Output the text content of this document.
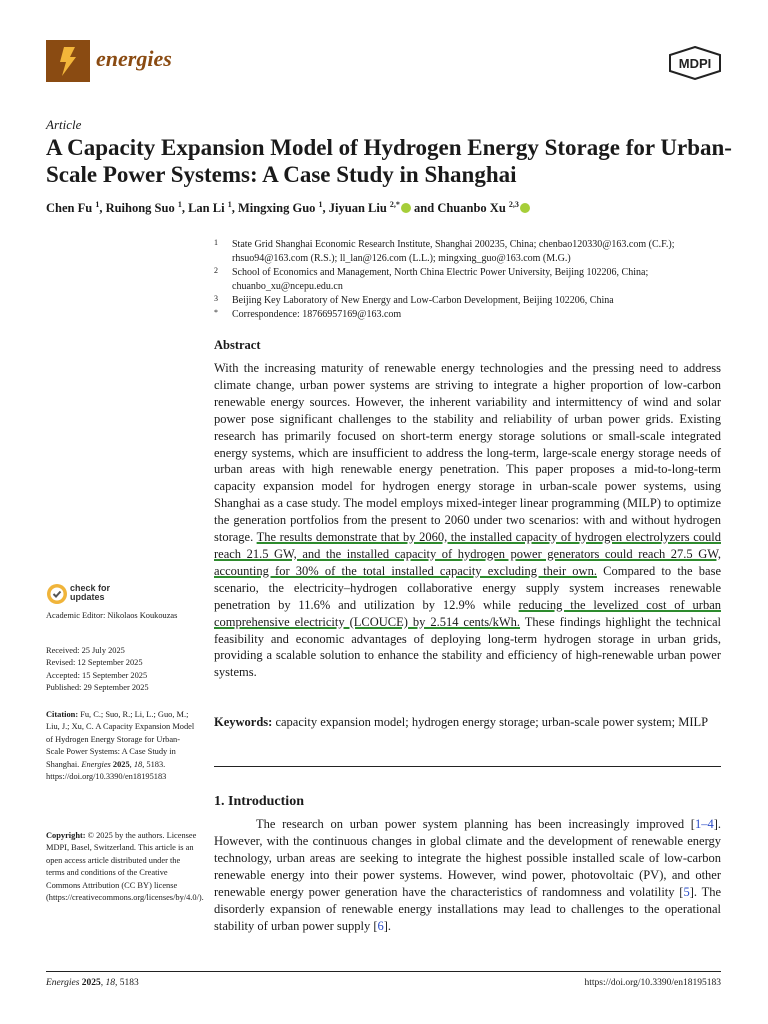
energies	MDPI
Article
A Capacity Expansion Model of Hydrogen Energy Storage for Urban-Scale Power Systems: A Case Study in Shanghai
Chen Fu $^1$, Ruihong Suo $^1$, Lan Li $^1$, Mingxing Guo $^1$, Jiyuan Liu $^{2,*}$ and Chuanbo Xu $^{2,3}$
1 State Grid Shanghai Economic Research Institute, Shanghai 200235, China; chenbao120330@163.com (C.F.); rhsuo94@163.com (R.S.); ll_lan@126.com (L.L.); mingxing_guo@163.com (M.G.)
2 School of Economics and Management, North China Electric Power University, Beijing 102206, China; chuanbo_xu@ncepu.edu.cn
3 Beijing Key Laboratory of New Energy and Low-Carbon Development, Beijing 102206, China
* Correspondence: 18766957169@163.com
Abstract
With the increasing maturity of renewable energy technologies and the pressing need to address climate change, urban power systems are striving to integrate a higher proportion of low-carbon renewable energy sources. However, the inherent variability and intermittency of wind and solar power pose significant challenges to the stability and reliability of urban power grids. Existing research has primarily focused on short-term energy storage solutions or small-scale integrated energy systems, which are insufficient to address the long-term, large-scale energy storage needs of urban areas with high renewable energy penetration. This paper proposes a mid-to-long-term capacity expansion model for hydrogen energy storage in urban-scale power systems, using Shanghai as a case study. The model employs mixed-integer linear programming (MILP) to optimize the generation portfolios from the present to 2060 under two scenarios: with and without hydrogen storage. The results demonstrate that by 2060, the installed capacity of hydrogen electrolyzers could reach 21.5 GW, and the installed capacity of hydrogen power generators could reach 27.5 GW, accounting for 30% of the total installed capacity excluding their own. Compared to the base scenario, the electricity–hydrogen collaborative energy supply system increases renewable penetration by 11.6% and utilization by 12.9% while reducing the levelized cost of urban comprehensive electricity (LCOUCE) by 2.514 cents/kWh. These findings highlight the technical feasibility and economic advantages of deploying long-term hydrogen storage in urban grids, providing a scalable solution to enhance the stability and efficiency of high-renewable urban power systems.
Keywords: capacity expansion model; hydrogen energy storage; urban-scale power system; MILP
1. Introduction
The research on urban power system planning has been increasingly improved [1–4]. However, with the continuous changes in global climate and the development of renewable energy technology, urban areas are seeking to integrate the highest possible installed scale of low-carbon renewable energy into their power systems. However, wind power, photovoltaic (PV), and other renewable energy power generation have the characteristics of randomness and volatility [5]. The disorderly expansion of renewable energy installations may lead to challenges to the operational stability of urban power supply [6].
check for
updates
Academic Editor: Nikolaos Koukouzas
Received: 25 July 2025
Revised: 12 September 2025
Accepted: 15 September 2025
Published: 29 September 2025
Citation: Fu, C.; Suo, R.; Li, L.; Guo, M.; Liu, J.; Xu, C. A Capacity Expansion Model of Hydrogen Energy Storage for Urban-Scale Power Systems: A Case Study in Shanghai. Energies 2025, 18, 5183. https://doi.org/10.3390/en18195183
Copyright: © 2025 by the authors. Licensee MDPI, Basel, Switzerland. This article is an open access article distributed under the terms and conditions of the Creative Commons Attribution (CC BY) license (https://creativecommons.org/licenses/by/4.0/).
Energies 2025, 18, 5183	https://doi.org/10.3390/en18195183
